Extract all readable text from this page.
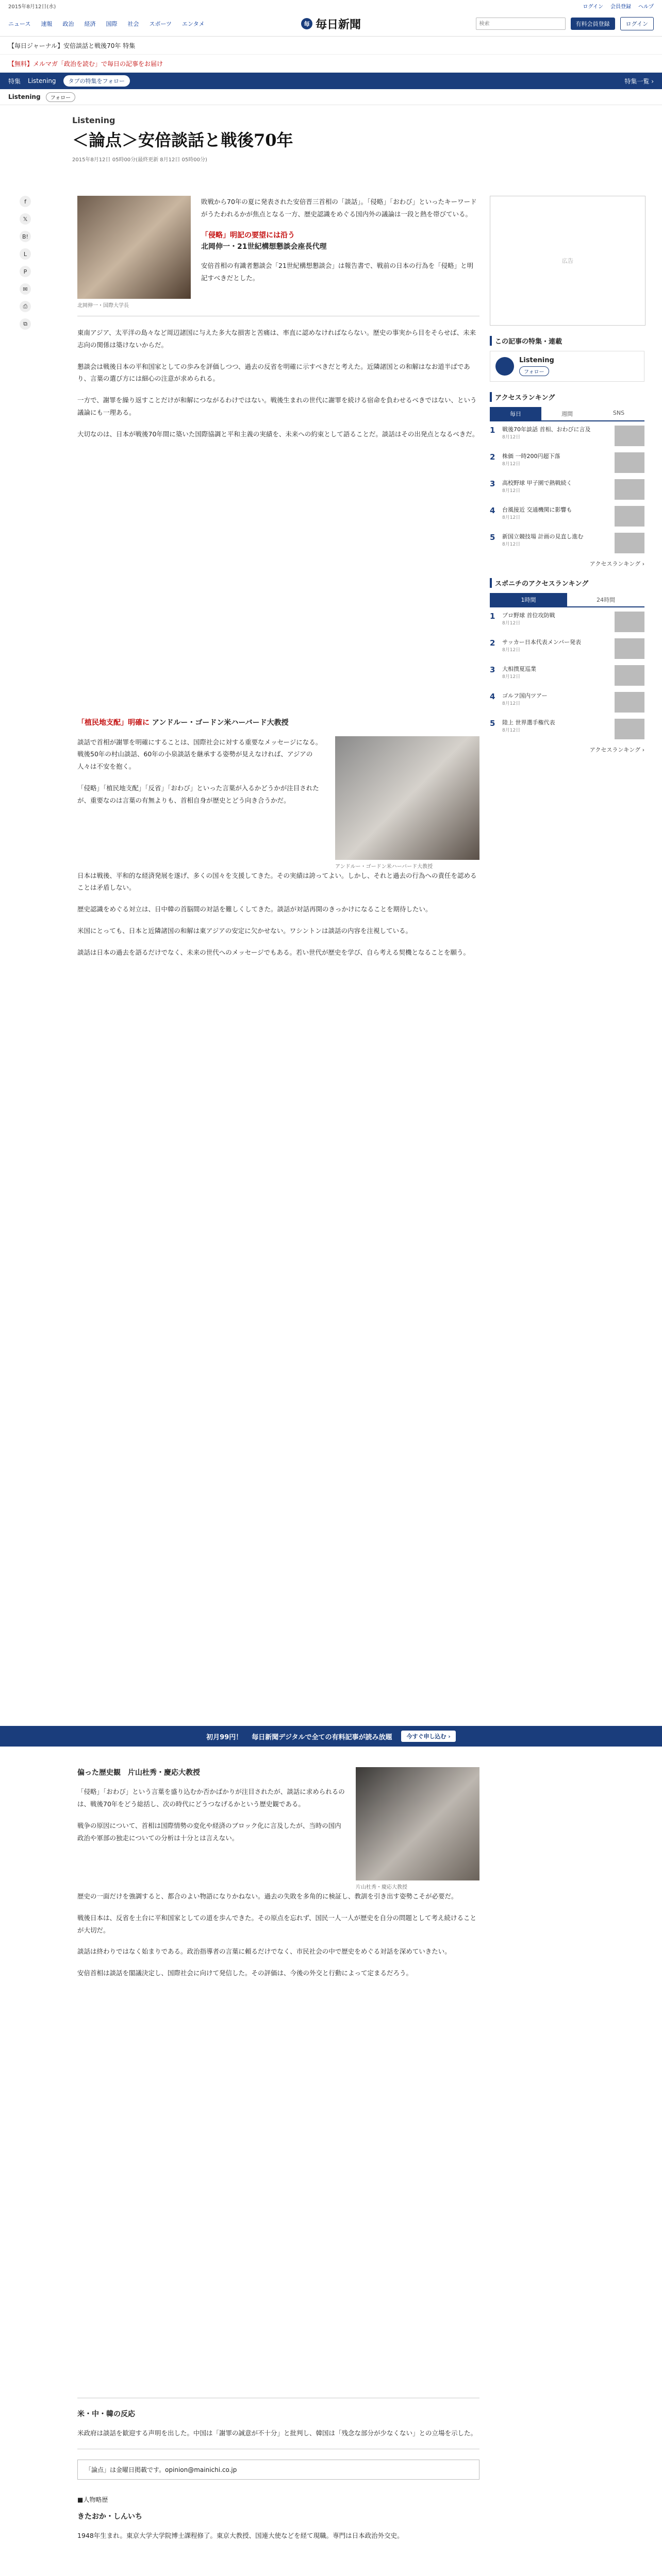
2015年8月12日(水)	ログイン 会員登録 ヘルプ
ニュース 速報 政治 経済 国際 社会 スポーツ エンタメ	毎 毎日新聞
検索	有料会員登録	ログイン
【毎日ジャーナル】安倍談話と戦後70年 特集
【無料】メルマガ「政治を読む」で毎日の記事をお届け
特集 Listening	タブの特集をフォロー	特集一覧 ›
Listening	フォロー
Listening
＜論点＞安倍談話と戦後70年
2015年8月12日 05時00分(最終更新 8月12日 05時00分)
f
𝕏
B!
L
P
✉
⎙
⧉
北岡伸一・国際大学長

敗戦から70年の夏に発表された安倍晋三首相の「談話」。「侵略」「おわび」といったキーワードがうたわれるかが焦点となる一方、歴史認識をめぐる国内外の議論は一段と熱を帯びている。

「侵略」明記の要望には沿う
北岡伸一・21世紀構想懇談会座長代理

安倍首相の有識者懇談会「21世紀構想懇談会」は報告書で、戦前の日本の行為を「侵略」と明記すべきだとした。

東南アジア、太平洋の島々など周辺諸国に与えた多大な損害と苦痛は、率直に認めなければならない。歴史の事実から目をそらせば、未来志向の関係は築けないからだ。

懇談会は戦後日本の平和国家としての歩みを評価しつつ、過去の反省を明確に示すべきだと考えた。近隣諸国との和解はなお道半ばであり、言葉の選び方には細心の注意が求められる。

一方で、謝罪を繰り返すことだけが和解につながるわけではない。戦後生まれの世代に謝罪を続ける宿命を負わせるべきではない、という議論にも一理ある。

大切なのは、日本が戦後70年間に築いた国際協調と平和主義の実績を、未来への約束として語ることだ。談話はその出発点となるべきだ。

「植民地支配」明確に アンドルー・ゴードン米ハーバード大教授

談話で首相が謝罪を明確にすることは、国際社会に対する重要なメッセージになる。戦後50年の村山談話、60年の小泉談話を継承する姿勢が見えなければ、アジアの人々は不安を抱く。

「侵略」「植民地支配」「反省」「おわび」といった言葉が入るかどうかが注目されたが、重要なのは言葉の有無よりも、首相自身が歴史とどう向き合うかだ。

アンドルー・ゴードン米ハーバード大教授

日本は戦後、平和的な経済発展を遂げ、多くの国々を支援してきた。その実績は誇ってよい。しかし、それと過去の行為への責任を認めることは矛盾しない。

歴史認識をめぐる対立は、日中韓の首脳間の対話を難しくしてきた。談話が対話再開のきっかけになることを期待したい。

米国にとっても、日本と近隣諸国の和解は東アジアの安定に欠かせない。ワシントンは談話の内容を注視している。

談話は日本の過去を語るだけでなく、未来の世代へのメッセージでもある。若い世代が歴史を学び、自ら考える契機となることを願う。

広告
この記事の特集・連載
Listening
フォロー
アクセスランキング
毎日	週間	SNS
1	戦後70年談話 首相、おわびに言及
8月12日
2	株価 一時200円超下落
8月12日
3	高校野球 甲子園で熱戦続く
8月12日
4	台風接近 交通機関に影響も
8月12日
5	新国立競技場 計画の見直し進む
8月12日
アクセスランキング ›
スポニチのアクセスランキング
1時間	24時間
1	プロ野球 首位攻防戦
8月12日
2	サッカー日本代表メンバー発表
8月12日
3	大相撲夏巡業
8月12日
4	ゴルフ国内ツアー
8月12日
5	陸上 世界選手権代表
8月12日
アクセスランキング ›
初月99円！ 毎日新聞デジタルで全ての有料記事が読み放題	今すぐ申し込む ›
偏った歴史観　片山杜秀・慶応大教授

「侵略」「おわび」という言葉を盛り込むか否かばかりが注目されたが、談話に求められるのは、戦後70年をどう総括し、次の時代にどうつなげるかという歴史観である。

戦争の原因について、首相は国際情勢の変化や経済のブロック化に言及したが、当時の国内政治や軍部の独走についての分析は十分とは言えない。

片山杜秀・慶応大教授

歴史の一面だけを強調すると、都合のよい物語になりかねない。過去の失敗を多角的に検証し、教訓を引き出す姿勢こそが必要だ。

戦後日本は、反省を土台に平和国家としての道を歩んできた。その原点を忘れず、国民一人一人が歴史を自分の問題として考え続けることが大切だ。

談話は終わりではなく始まりである。政治指導者の言葉に頼るだけでなく、市民社会の中で歴史をめぐる対話を深めていきたい。

安倍首相は談話を閣議決定し、国際社会に向けて発信した。その評価は、今後の外交と行動によって定まるだろう。

米・中・韓の反応

米政府は談話を歓迎する声明を出した。中国は「謝罪の誠意が不十分」と批判し、韓国は「残念な部分が少なくない」との立場を示した。

「論点」は金曜日掲載です。opinion@mainichi.co.jp
■人物略歴
きたおか・しんいち

1948年生まれ。東京大学大学院博士課程修了。東京大教授、国連大使などを経て現職。専門は日本政治外交史。
